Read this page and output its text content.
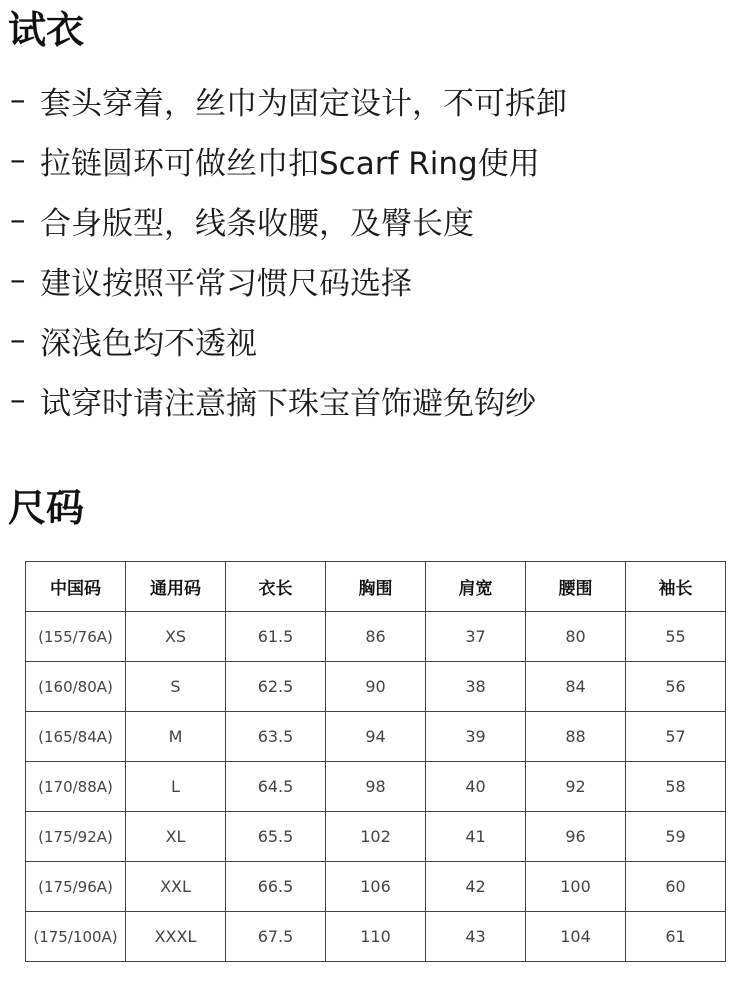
试衣
– 套头穿着，丝巾为固定设计，不可拆卸
– 拉链圆环可做丝巾扣Scarf Ring使用
– 合身版型，线条收腰，及臀长度
– 建议按照平常习惯尺码选择
– 深浅色均不透视
– 试穿时请注意摘下珠宝首饰避免钩纱
尺码
中国码	通用码	衣长	胸围	肩宽	腰围	袖长
(155/76A)	XS	61.5	86	37	80	55
(160/80A)	S	62.5	90	38	84	56
(165/84A)	M	63.5	94	39	88	57
(170/88A)	L	64.5	98	40	92	58
(175/92A)	XL	65.5	102	41	96	59
(175/96A)	XXL	66.5	106	42	100	60
(175/100A)	XXXL	67.5	110	43	104	61
